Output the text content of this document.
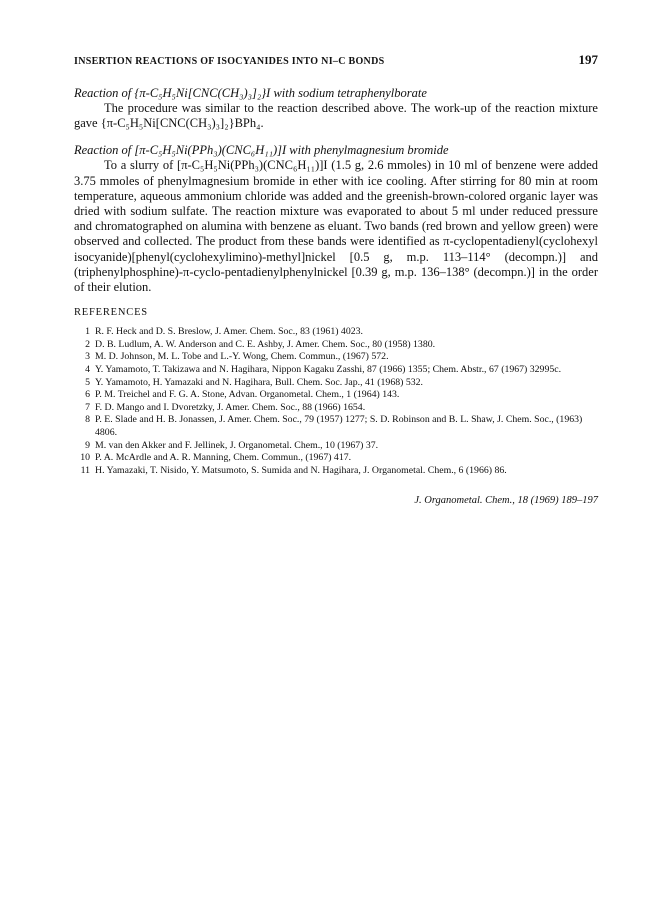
INSERTION REACTIONS OF ISOCYANIDES INTO NI–C BONDS	197
Reaction of {π-C₅H₅Ni[CNC(CH₃)₃]₂}I with sodium tetraphenylborate
The procedure was similar to the reaction described above. The work-up of the reaction mixture gave {π-C₅H₅Ni[CNC(CH₃)₃]₂}BPh₄.
Reaction of [π-C₅H₅Ni(PPh₃)(CNC₆H₁₁)]I with phenylmagnesium bromide
To a slurry of [π-C₅H₅Ni(PPh₃)(CNC₆H₁₁)]I (1.5 g, 2.6 mmoles) in 10 ml of benzene were added 3.75 mmoles of phenylmagnesium bromide in ether with ice cooling. After stirring for 80 min at room temperature, aqueous ammonium chloride was added and the greenish-brown-colored organic layer was dried with sodium sulfate. The reaction mixture was evaporated to about 5 ml under reduced pressure and chromatographed on alumina with benzene as eluant. Two bands (red brown and yellow green) were observed and collected. The product from these bands were identified as π-cyclopentadienyl(cyclohexyl isocyanide)[phenyl(cyclohexylimino)-methyl]nickel [0.5 g, m.p. 113–114° (decompn.)] and (triphenylphosphine)-π-cyclo-pentadienylphenylnickel [0.39 g, m.p. 136–138° (decompn.)] in the order of their elution.
REFERENCES
1 R. F. Heck and D. S. Breslow, J. Amer. Chem. Soc., 83 (1961) 4023.
2 D. B. Ludlum, A. W. Anderson and C. E. Ashby, J. Amer. Chem. Soc., 80 (1958) 1380.
3 M. D. Johnson, M. L. Tobe and L.-Y. Wong, Chem. Commun., (1967) 572.
4 Y. Yamamoto, T. Takizawa and N. Hagihara, Nippon Kagaku Zasshi, 87 (1966) 1355; Chem. Abstr., 67 (1967) 32995c.
5 Y. Yamamoto, H. Yamazaki and N. Hagihara, Bull. Chem. Soc. Jap., 41 (1968) 532.
6 P. M. Treichel and F. G. A. Stone, Advan. Organometal. Chem., 1 (1964) 143.
7 F. D. Mango and I. Dvoretzky, J. Amer. Chem. Soc., 88 (1966) 1654.
8 P. E. Slade and H. B. Jonassen, J. Amer. Chem. Soc., 79 (1957) 1277; S. D. Robinson and B. L. Shaw, J. Chem. Soc., (1963) 4806.
9 M. van den Akker and F. Jellinek, J. Organometal. Chem., 10 (1967) 37.
10 P. A. McArdle and A. R. Manning, Chem. Commun., (1967) 417.
11 H. Yamazaki, T. Nisido, Y. Matsumoto, S. Sumida and N. Hagihara, J. Organometal. Chem., 6 (1966) 86.
J. Organometal. Chem., 18 (1969) 189–197
